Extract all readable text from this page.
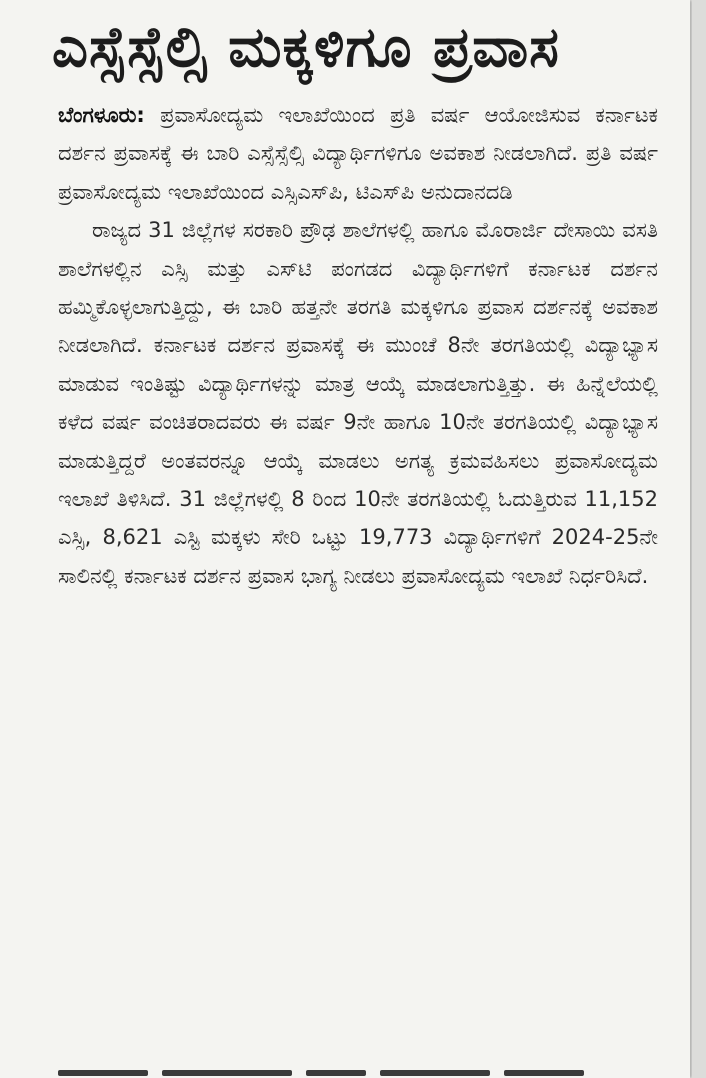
ಎಸ್ಸೆಸ್ಸೆಲ್ಸಿ ಮಕ್ಕಳಿಗೂ ಪ್ರವಾಸ

ಬೆಂಗಳೂರು: ಪ್ರವಾಸೋದ್ಯಮ ಇಲಾಖೆಯಿಂದ ಪ್ರತಿ ವರ್ಷ ಆಯೋಜಿಸುವ ಕರ್ನಾಟಕ ದರ್ಶನ ಪ್ರವಾಸಕ್ಕೆ ಈ ಬಾರಿ ಎಸ್ಸೆಸ್ಸೆಲ್ಸಿ ವಿದ್ಯಾರ್ಥಿಗಳಿಗೂ ಅವಕಾಶ ನೀಡಲಾಗಿದೆ. ಪ್ರತಿ ವರ್ಷ ಪ್ರವಾಸೋದ್ಯಮ ಇಲಾಖೆಯಿಂದ ಎಸ್ಸಿಎಸ್‌ಪಿ, ಟಿಎಸ್‌ಪಿ ಅನುದಾನದಡಿ

ರಾಜ್ಯದ 31 ಜಿಲ್ಲೆಗಳ ಸರಕಾರಿ ಪ್ರೌಢ ಶಾಲೆಗಳಲ್ಲಿ ಹಾಗೂ ಮೊರಾರ್ಜಿ ದೇಸಾಯಿ ವಸತಿ ಶಾಲೆಗಳಲ್ಲಿನ ಎಸ್ಸಿ ಮತ್ತು ಎಸ್‌ಟಿ ಪಂಗಡದ ವಿದ್ಯಾರ್ಥಿಗಳಿಗೆ ಕರ್ನಾಟಕ ದರ್ಶನ ಹಮ್ಮಿಕೊಳ್ಳಲಾಗುತ್ತಿದ್ದು, ಈ ಬಾರಿ ಹತ್ತನೇ ತರಗತಿ ಮಕ್ಕಳಿಗೂ ಪ್ರವಾಸ ದರ್ಶನಕ್ಕೆ ಅವಕಾಶ ನೀಡಲಾಗಿದೆ. ಕರ್ನಾಟಕ ದರ್ಶನ ಪ್ರವಾಸಕ್ಕೆ ಈ ಮುಂಚೆ 8ನೇ ತರಗತಿಯಲ್ಲಿ ವಿದ್ಯಾಭ್ಯಾಸ ಮಾಡುವ ಇಂತಿಷ್ಟು ವಿದ್ಯಾರ್ಥಿಗಳನ್ನು ಮಾತ್ರ ಆಯ್ಕೆ ಮಾಡಲಾಗುತ್ತಿತ್ತು. ಈ ಹಿನ್ನೆಲೆಯಲ್ಲಿ ಕಳೆದ ವರ್ಷ ವಂಚಿತರಾದವರು ಈ ವರ್ಷ 9ನೇ ಹಾಗೂ 10ನೇ ತರಗತಿಯಲ್ಲಿ ವಿದ್ಯಾಭ್ಯಾಸ ಮಾಡುತ್ತಿದ್ದರೆ ಅಂತವರನ್ನೂ ಆಯ್ಕೆ ಮಾಡಲು ಅಗತ್ಯ ಕ್ರಮವಹಿಸಲು ಪ್ರವಾಸೋದ್ಯಮ ಇಲಾಖೆ ತಿಳಿಸಿದೆ. 31 ಜಿಲ್ಲೆಗಳಲ್ಲಿ 8 ರಿಂದ 10ನೇ ತರಗತಿಯಲ್ಲಿ ಓದುತ್ತಿರುವ 11,152 ಎಸ್ಸಿ, 8,621 ಎಸ್ಟಿ ಮಕ್ಕಳು ಸೇರಿ ಒಟ್ಟು 19,773 ವಿದ್ಯಾರ್ಥಿಗಳಿಗೆ 2024-25ನೇ ಸಾಲಿನಲ್ಲಿ ಕರ್ನಾಟಕ ದರ್ಶನ ಪ್ರವಾಸ ಭಾಗ್ಯ ನೀಡಲು ಪ್ರವಾಸೋದ್ಯಮ ಇಲಾಖೆ ನಿರ್ಧರಿಸಿದೆ.
